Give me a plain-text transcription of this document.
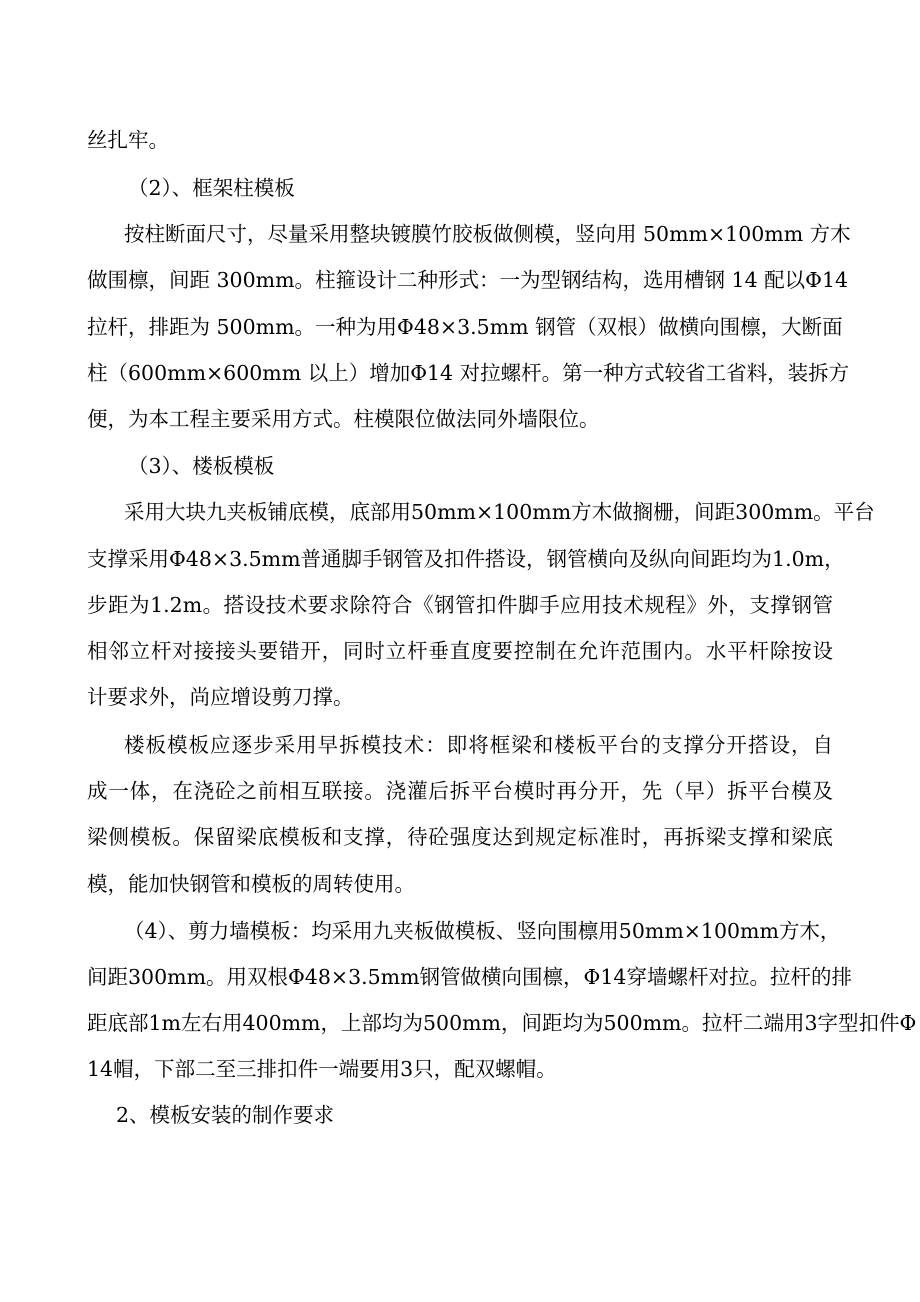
丝扎牢。
（2）、框架柱模板
按柱断面尺寸，尽量采用整块镀膜竹胶板做侧模，竖向用 50mm×100mm 方木
做围檩，间距 300mm。柱箍设计二种形式：一为型钢结构，选用槽钢 14 配以Φ14
拉杆，排距为 500mm。一种为用Φ48×3.5mm 钢管（双根）做横向围檩，大断面
柱（600mm×600mm 以上）增加Φ14 对拉螺杆。第一种方式较省工省料，装拆方
便，为本工程主要采用方式。柱模限位做法同外墙限位。
（3）、楼板模板
采用大块九夹板铺底模，底部用50mm×100mm方木做搁栅，间距300mm。平台
支撑采用Φ48×3.5mm普通脚手钢管及扣件搭设，钢管横向及纵向间距均为1.0m，
步距为1.2m。搭设技术要求除符合《钢管扣件脚手应用技术规程》外，支撑钢管
相邻立杆对接接头要错开，同时立杆垂直度要控制在允许范围内。水平杆除按设
计要求外，尚应增设剪刀撑。
楼板模板应逐步采用早拆模技术：即将框梁和楼板平台的支撑分开搭设，自
成一体，在浇砼之前相互联接。浇灌后拆平台模时再分开，先（早）拆平台模及
梁侧模板。保留梁底模板和支撑，待砼强度达到规定标准时，再拆梁支撑和梁底
模，能加快钢管和模板的周转使用。
（4）、剪力墙模板：均采用九夹板做模板、竖向围檩用50mm×100mm方木，
间距300mm。用双根Φ48×3.5mm钢管做横向围檩，Φ14穿墙螺杆对拉。拉杆的排
距底部1m左右用400mm，上部均为500mm，间距均为500mm。拉杆二端用3字型扣件Φ
14帽，下部二至三排扣件一端要用3只，配双螺帽。
2、模板安装的制作要求
